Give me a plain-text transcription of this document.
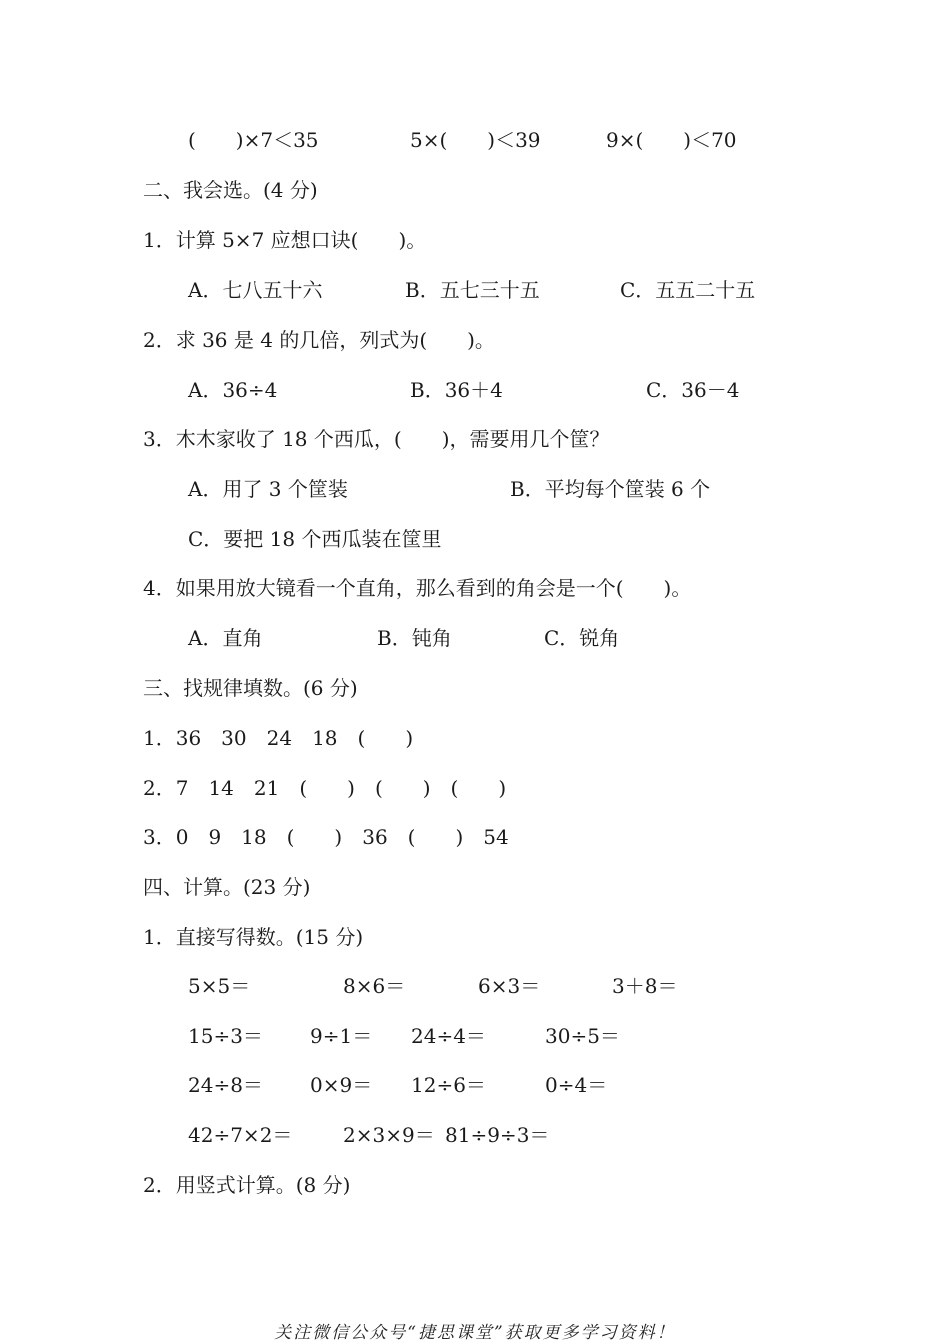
(　　)×7＜35	5×(　　)＜39	9×(　　)＜70
二、我会选。(4 分)
1．计算 5×7 应想口诀(　　)。
A．七八五十六	B．五七三十五	C．五五二十五
2．求 36 是 4 的几倍，列式为(　　)。
A．36÷4	B．36＋4	C．36－4
3．木木家收了 18 个西瓜，(　　)，需要用几个筐？
A．用了 3 个筐装	B．平均每个筐装 6 个
C．要把 18 个西瓜装在筐里
4．如果用放大镜看一个直角，那么看到的角会是一个(　　)。
A．直角	B．钝角	C．锐角
三、找规律填数。(6 分)
1．36　30　24　18　(　　)
2．7　14　21　(　　)　(　　)　(　　)
3．0　9　18　(　　)　36　(　　)　54
四、计算。(23 分)
1．直接写得数。(15 分)
5×5＝	8×6＝	6×3＝	3＋8＝
15÷3＝ 9÷1＝ 24÷4＝	30÷5＝
24÷8＝ 0×9＝ 12÷6＝	0÷4＝
42÷7×2＝	2×3×9＝ 81÷9÷3＝
2．用竖式计算。(8 分)
关注微信公众号“捷思课堂”获取更多学习资料！
